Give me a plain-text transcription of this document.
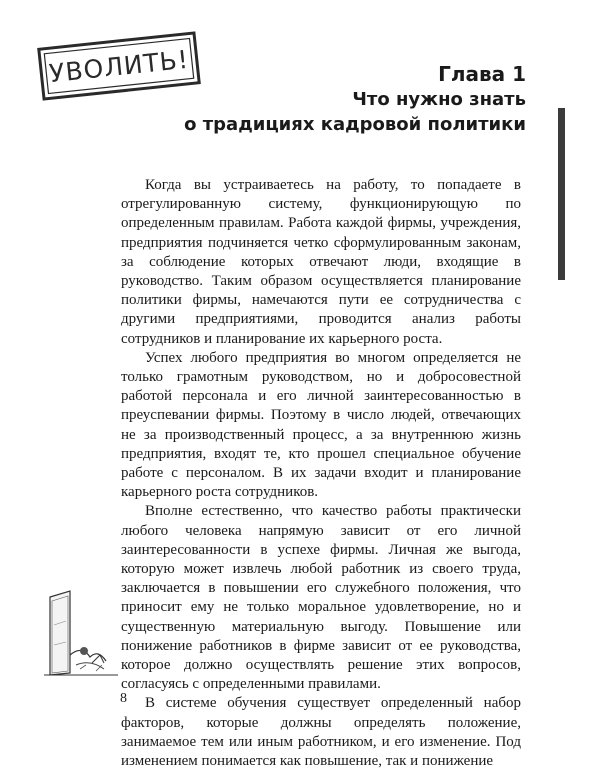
УВОЛИТЬ!	Глава 1
Что нужно знать
о традициях кадровой политики

Когда вы устраиваетесь на работу, то попадаете в отрегулированную систему, функционирующую по определенным правилам. Работа каждой фирмы, учреждения, предприятия подчиняется четко сформулированным законам, за соблюдение которых отвечают люди, входящие в руководство. Таким образом осуществляется планирование политики фирмы, намечаются пути ее сотрудничества с другими предприятиями, проводится анализ работы сотрудников и планирование их карьерного роста.

Успех любого предприятия во многом определяется не только грамотным руководством, но и добросовестной работой персонала и его личной заинтересованностью в преуспевании фирмы. Поэтому в число людей, отвечающих не за производственный процесс, а за внутреннюю жизнь предприятия, входят те, кто прошел специальное обучение работе с персоналом. В их задачи входит и планирование карьерного роста сотрудников.

Вполне естественно, что качество работы практически любого человека напрямую зависит от его личной заинтересованности в успехе фирмы. Личная же выгода, которую может извлечь любой работник из своего труда, заключается в повышении его служебного положения, что приносит ему не только моральное удовлетворение, но и существенную материальную выгоду. Повышение или понижение работников в фирме зависит от ее руководства, которое должно осуществлять решение этих вопросов, согласуясь с определенными правилами.

В системе обучения существует определенный набор факторов, которые должны определять положение, занимаемое тем или иным работником, и его изменение. Под изменением понимается как повышение, так и понижение

8
